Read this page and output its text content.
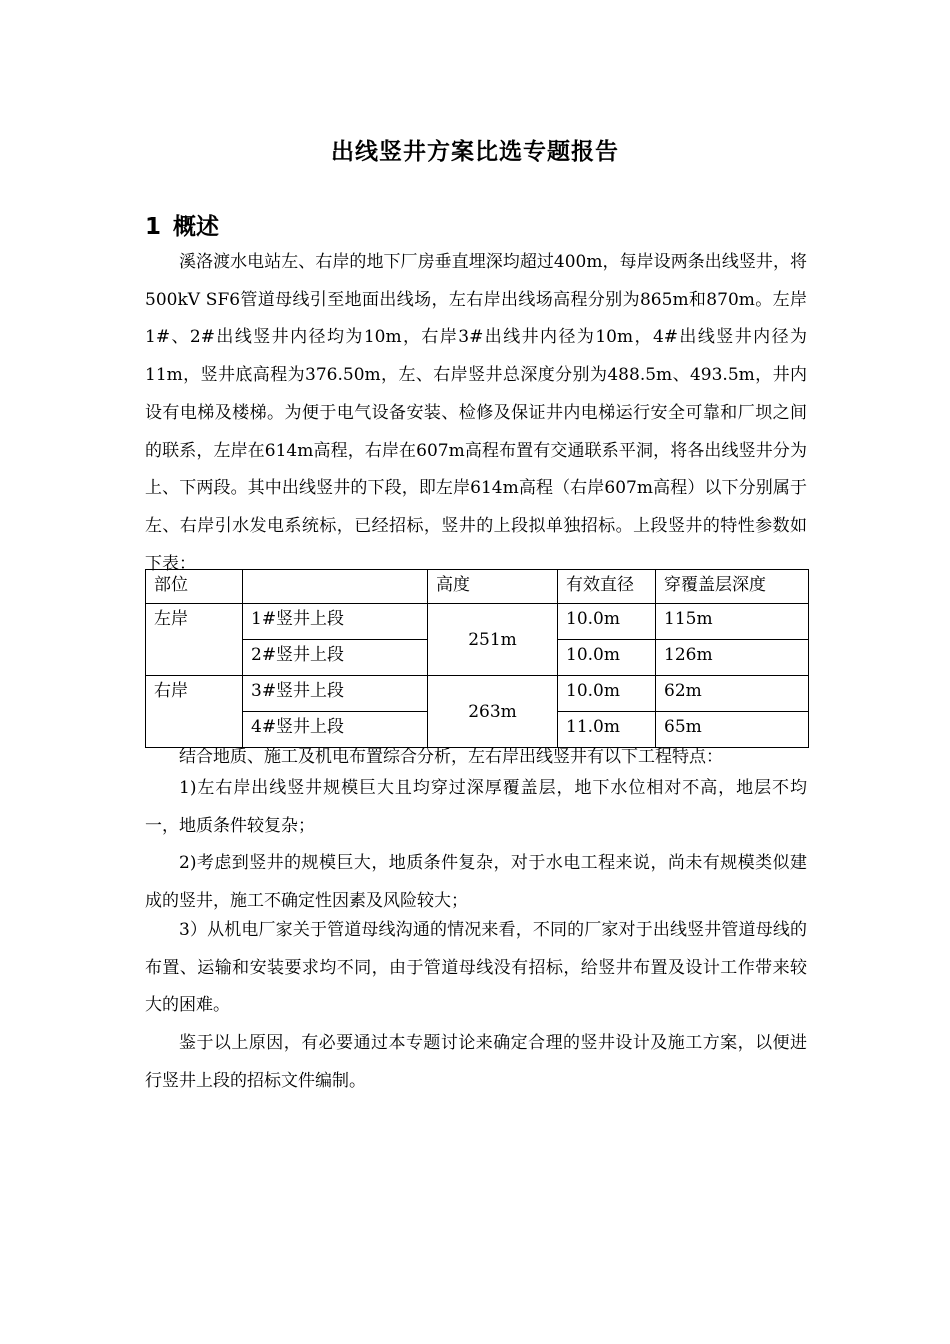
出线竖井方案比选专题报告
1 概述

溪洛渡水电站左、右岸的地下厂房垂直埋深均超过400m，每岸设两条出线竖井，将500kV SF6管道母线引至地面出线场，左右岸出线场高程分别为865m和870m。左岸1#、2#出线竖井内径均为10m，右岸3#出线井内径为10m，4#出线竖井内径为11m，竖井底高程为376.50m，左、右岸竖井总深度分别为488.5m、493.5m，井内设有电梯及楼梯。为便于电气设备安装、检修及保证井内电梯运行安全可靠和厂坝之间的联系，左岸在614m高程，右岸在607m高程布置有交通联系平洞，将各出线竖井分为上、下两段。其中出线竖井的下段，即左岸614m高程（右岸607m高程）以下分别属于左、右岸引水发电系统标，已经招标，竖井的上段拟单独招标。上段竖井的特性参数如下表：

部位		高度	有效直径	穿覆盖层深度
左岸	1#竖井上段	251m	10.0m	115m
	2#竖井上段		10.0m	126m
右岸	3#竖井上段	263m	10.0m	62m
	4#竖井上段		11.0m	65m

结合地质、施工及机电布置综合分析，左右岸出线竖井有以下工程特点：

1)左右岸出线竖井规模巨大且均穿过深厚覆盖层，地下水位相对不高，地层不均一，地质条件较复杂；

2)考虑到竖井的规模巨大，地质条件复杂，对于水电工程来说，尚未有规模类似建成的竖井，施工不确定性因素及风险较大；

3）从机电厂家关于管道母线沟通的情况来看，不同的厂家对于出线竖井管道母线的布置、运输和安装要求均不同，由于管道母线没有招标，给竖井布置及设计工作带来较大的困难。

鉴于以上原因，有必要通过本专题讨论来确定合理的竖井设计及施工方案，以便进行竖井上段的招标文件编制。
